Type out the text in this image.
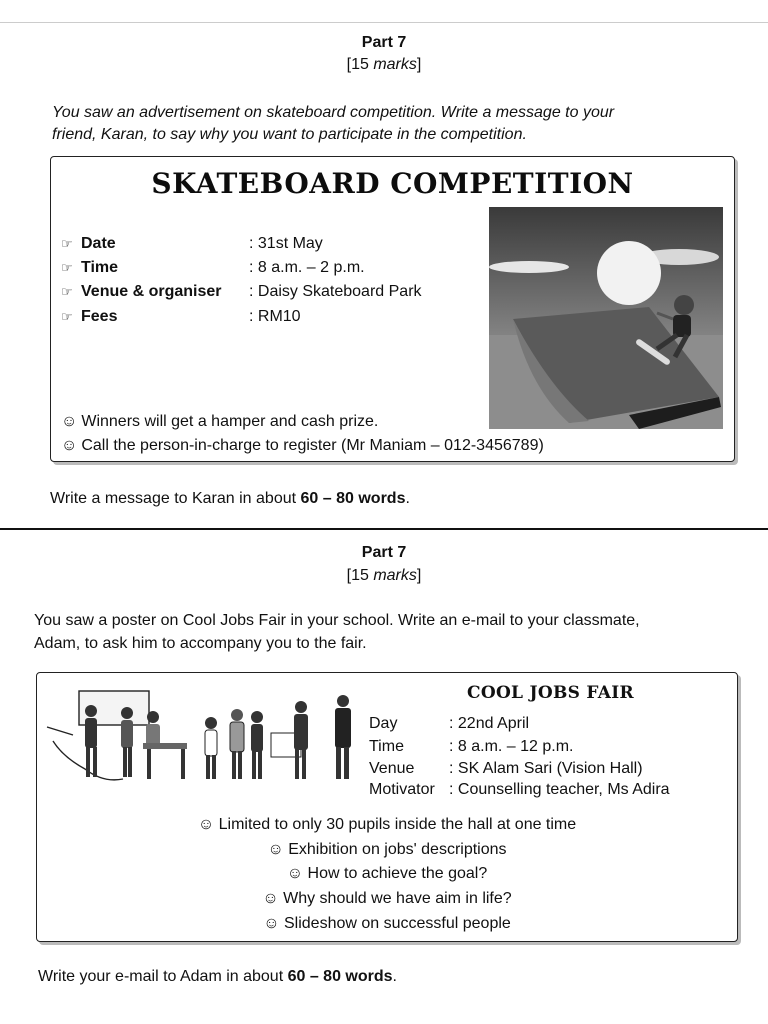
Part 7
[15 marks]
You saw an advertisement on skateboard competition. Write a message to your
friend, Karan, to say why you want to participate in the competition.
SKATEBOARD COMPETITION
☞ Date	: 31st May
☞ Time	: 8 a.m. – 2 p.m.
☞ Venue & organiser : Daisy Skateboard Park
☞ Fees	: RM10
☺ Winners will get a hamper and cash prize.
☺ Call the person-in-charge to register (Mr Maniam – 012-3456789)
Write a message to Karan in about 60 – 80 words.
Part 7
[15 marks]
You saw a poster on Cool Jobs Fair in your school. Write an e-mail to your classmate,
Adam, to ask him to accompany you to the fair.
COOL JOBS FAIR
Day	: 22nd April
Time	: 8 a.m. – 12 p.m.
Venue : SK Alam Sari (Vision Hall)
Motivator : Counselling teacher, Ms Adira
☺ Limited to only 30 pupils inside the hall at one time
☺ Exhibition on jobs' descriptions
☺ How to achieve the goal?
☺ Why should we have aim in life?
☺ Slideshow on successful people
Write your e-mail to Adam in about 60 – 80 words.
